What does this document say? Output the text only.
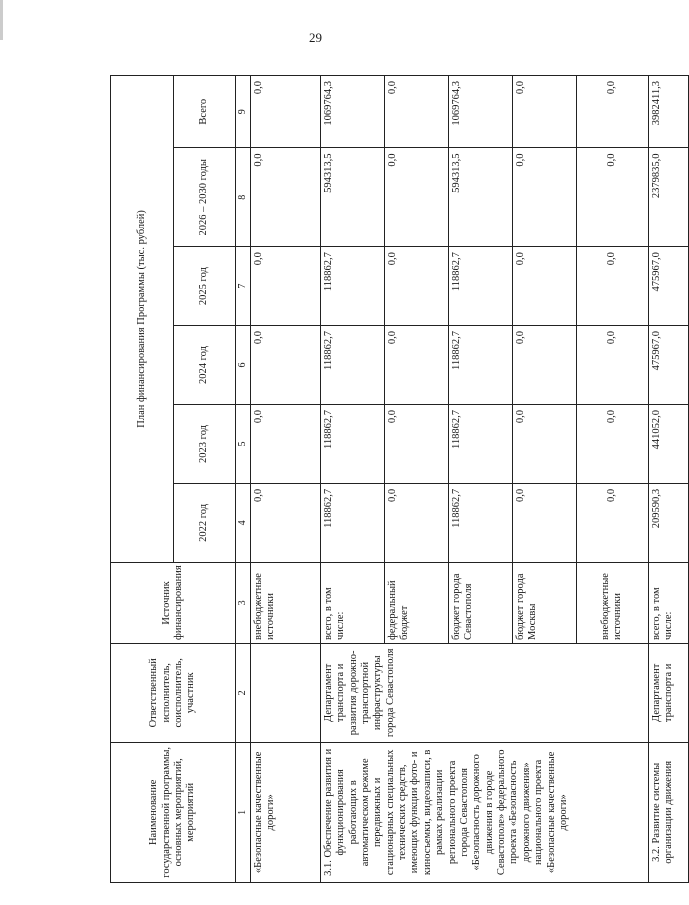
29
Наименование государственной программы, основных мероприятий, мероприятий	Ответственный исполнитель, соисполнитель, участник	Источник финансирования	План финансирования Программы (тыс. рублей)					
			2022 год	2023 год	2024 год	2025 год	2026 – 2030 годы	Всего
1	2	3	4	5	6	7	8	9
«Безопасные качественные дороги»		внебюджетные источники	0,0	0,0	0,0	0,0	0,0	0,0
3.1. Обеспечение развития и функционирования работающих в автоматическом режиме передвижных и стационарных специальных технических средств, имеющих функции фото- и киносъемки, видеозаписи, в рамках реализации регионального проекта города Севастополя «Безопасность дорожного движения в городе Севастополе» федерального проекта «Безопасность дорожного движения» национального проекта «Безопасные качественные дороги»	Департамент транспорта и развития дорожно-транспортной инфраструктуры города Севастополя	всего, в том числе:	118862,7	118862,7	118862,7	118862,7	594313,5	1069764,3
		федеральный бюджет	0,0	0,0	0,0	0,0	0,0	0,0
		бюджет города Севастополя	118862,7	118862,7	118862,7	118862,7	594313,5	1069764,3
		бюджет города Москвы	0,0	0,0	0,0	0,0	0,0	0,0
		внебюджетные источники	0,0	0,0	0,0	0,0	0,0	0,0
3.2. Развитие системы организации движения	Департамент транспорта и	всего, в том числе:	209590,3	441052,0	475967,0	475967,0	2379835,0	3982411,3
